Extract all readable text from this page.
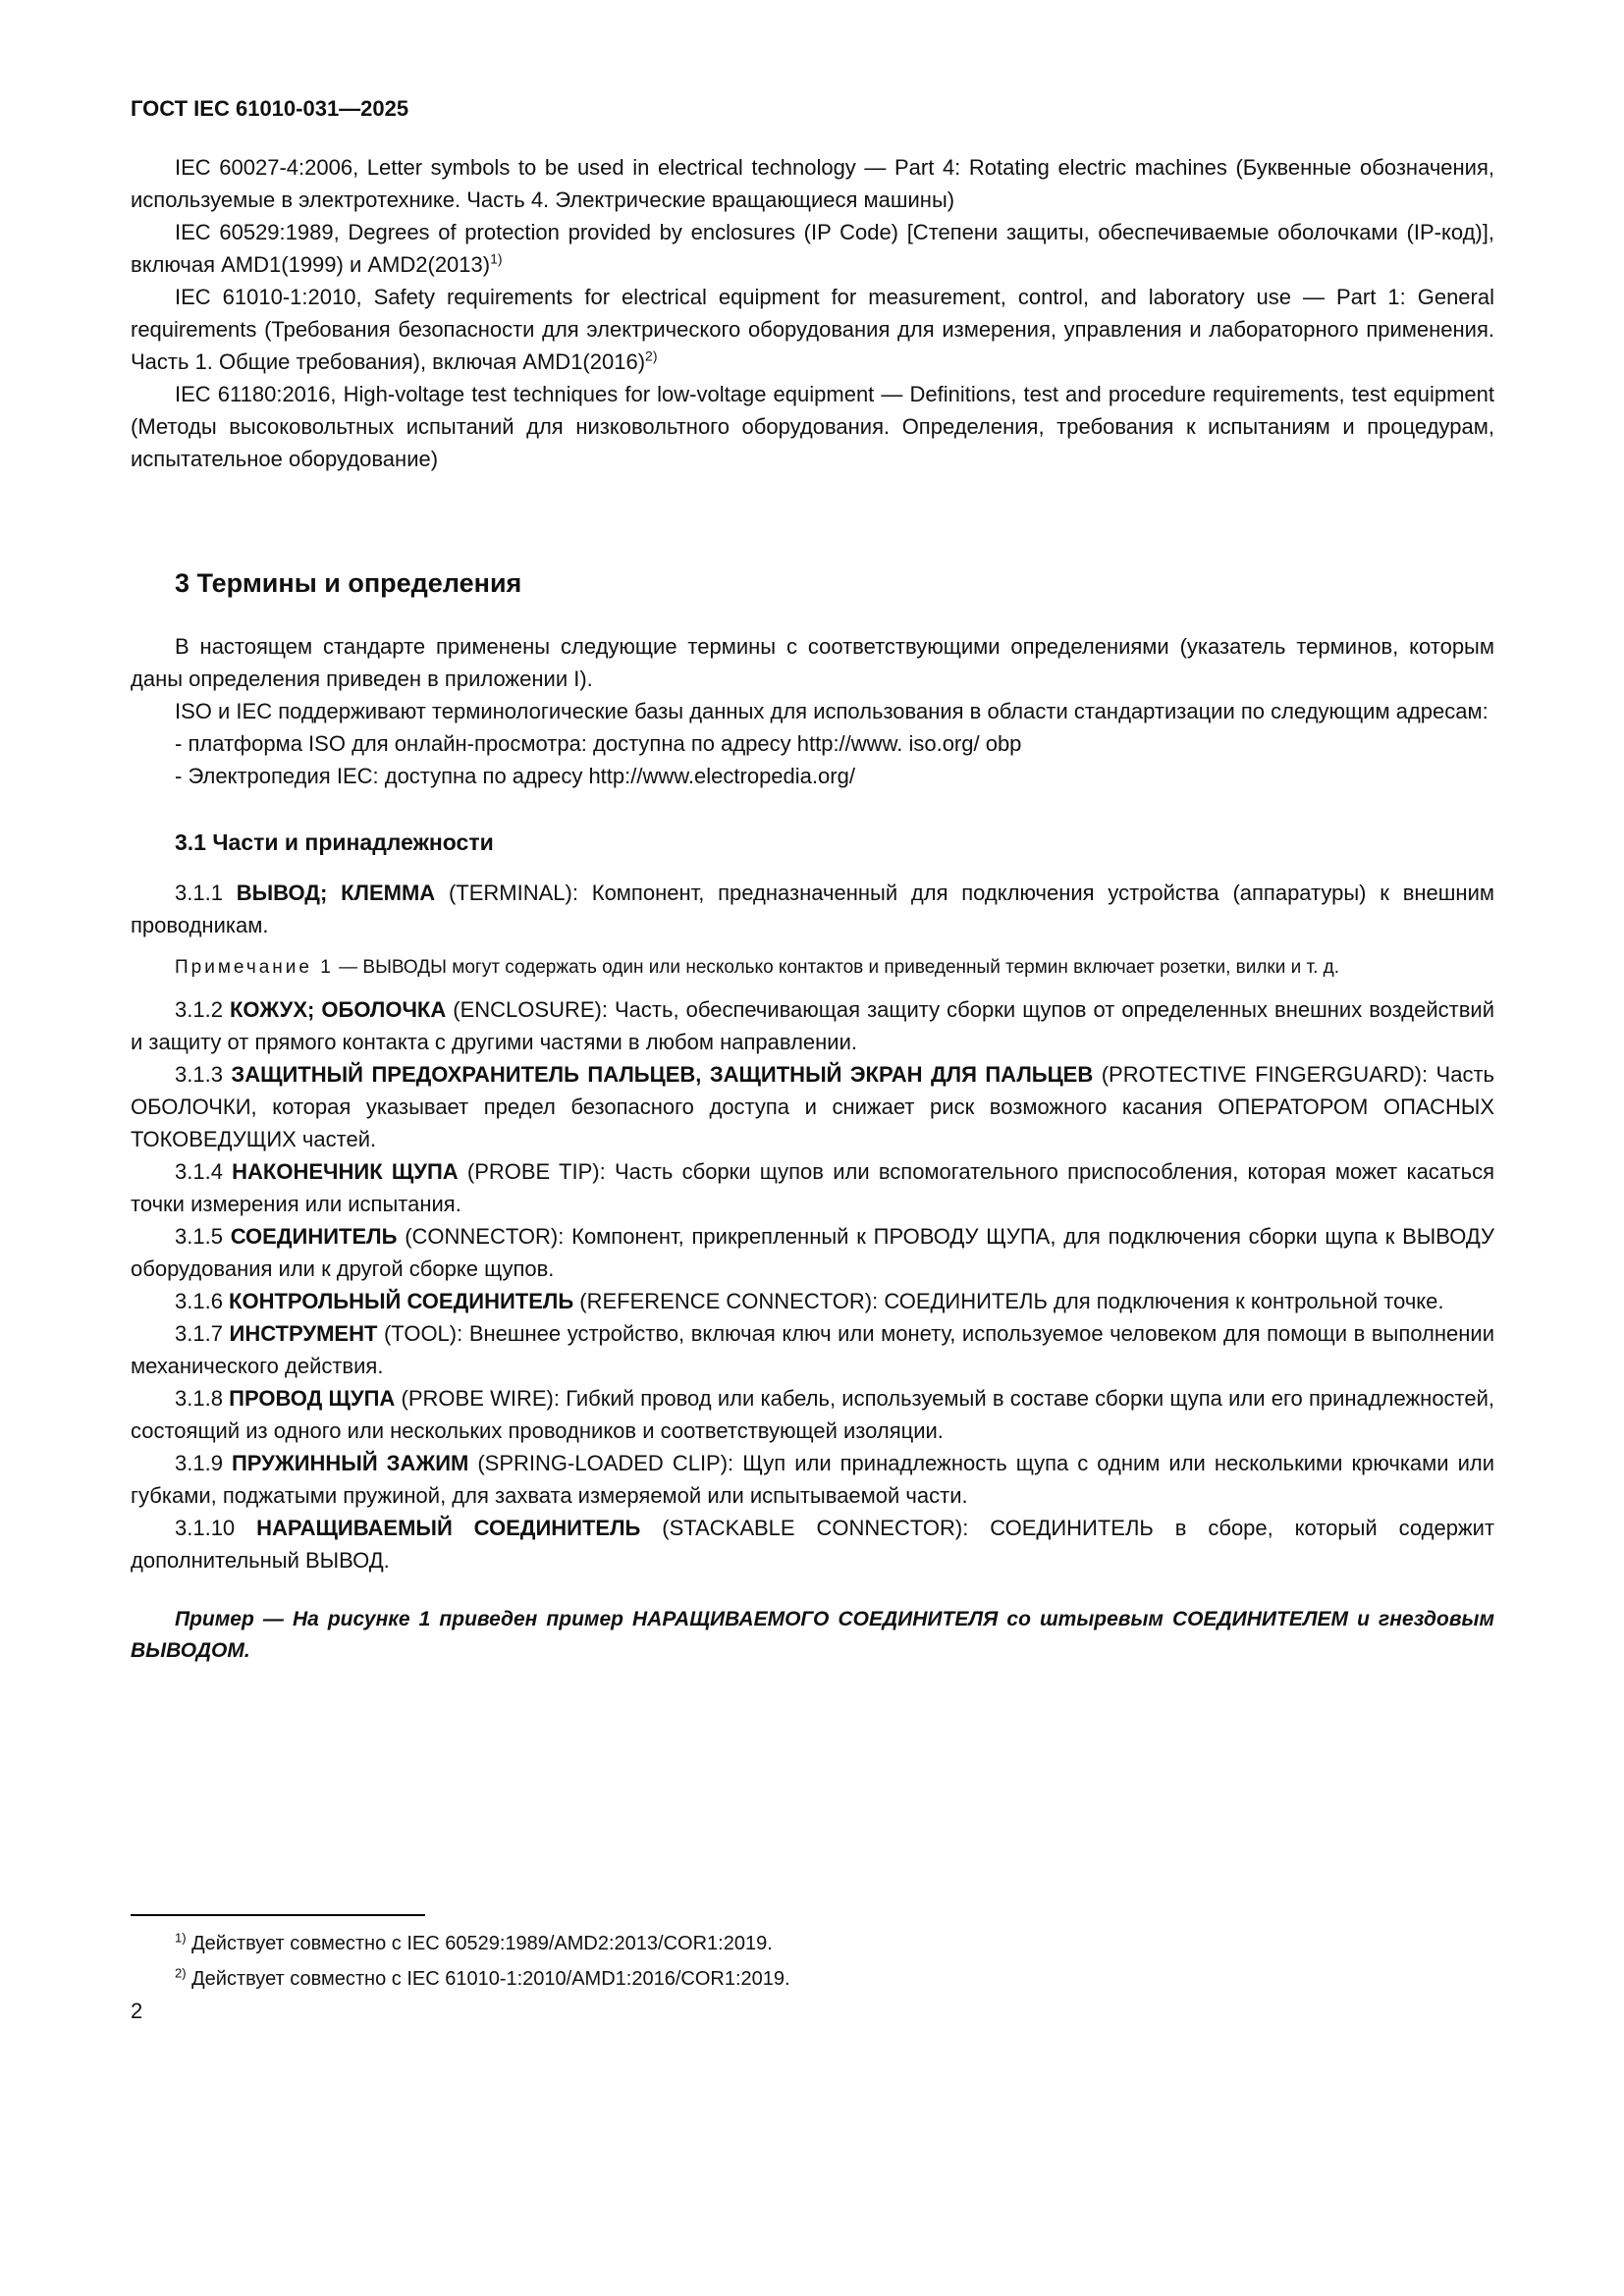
ГОСТ IEC 61010-031—2025

IEC 60027-4:2006, Letter symbols to be used in electrical technology — Part 4: Rotating electric machines (Буквенные обозначения, используемые в электротехнике. Часть 4. Электрические вращающиеся машины)

IEC 60529:1989, Degrees of protection provided by enclosures (IP Code) [Степени защиты, обеспечиваемые оболочками (IP-код)], включая AMD1(1999) и AMD2(2013)$^{1)}$

IEC 61010-1:2010, Safety requirements for electrical equipment for measurement, control, and laboratory use — Part 1: General requirements (Требования безопасности для электрического оборудования для измерения, управления и лабораторного применения. Часть 1. Общие требования), включая AMD1(2016)$^{2)}$

IEC 61180:2016, High-voltage test techniques for low-voltage equipment — Definitions, test and procedure requirements, test equipment (Методы высоковольтных испытаний для низковольтного оборудования. Определения, требования к испытаниям и процедурам, испытательное оборудование)

3 Термины и определения

В настоящем стандарте применены следующие термины с соответствующими определениями (указатель терминов, которым даны определения приведен в приложении I).

ISO и IEC поддерживают терминологические базы данных для использования в области стандартизации по следующим адресам:

- платформа ISO для онлайн-просмотра: доступна по адресу http://www. iso.org/ obp

- Электропедия IEC: доступна по адресу http://www.electropedia.org/

3.1 Части и принадлежности

3.1.1 ВЫВОД; КЛЕММА (TERMINAL): Компонент, предназначенный для подключения устройства (аппаратуры) к внешним проводникам.

Примечание 1 — ВЫВОДЫ могут содержать один или несколько контактов и приведенный термин включает розетки, вилки и т. д.

3.1.2 КОЖУХ; ОБОЛОЧКА (ENCLOSURE): Часть, обеспечивающая защиту сборки щупов от определенных внешних воздействий и защиту от прямого контакта с другими частями в любом направлении.

3.1.3 ЗАЩИТНЫЙ ПРЕДОХРАНИТЕЛЬ ПАЛЬЦЕВ, ЗАЩИТНЫЙ ЭКРАН ДЛЯ ПАЛЬЦЕВ (PROTECTIVE FINGERGUARD): Часть ОБОЛОЧКИ, которая указывает предел безопасного доступа и снижает риск возможного касания ОПЕРАТОРОМ ОПАСНЫХ ТОКОВЕДУЩИХ частей.

3.1.4 НАКОНЕЧНИК ЩУПА (PROBE TIP): Часть сборки щупов или вспомогательного приспособления, которая может касаться точки измерения или испытания.

3.1.5 СОЕДИНИТЕЛЬ (CONNECTOR): Компонент, прикрепленный к ПРОВОДУ ЩУПА, для подключения сборки щупа к ВЫВОДУ оборудования или к другой сборке щупов.

3.1.6 КОНТРОЛЬНЫЙ СОЕДИНИТЕЛЬ (REFERENCE CONNECTOR): СОЕДИНИТЕЛЬ для подключения к контрольной точке.

3.1.7 ИНСТРУМЕНТ (TOOL): Внешнее устройство, включая ключ или монету, используемое человеком для помощи в выполнении механического действия.

3.1.8 ПРОВОД ЩУПА (PROBE WIRE): Гибкий провод или кабель, используемый в составе сборки щупа или его принадлежностей, состоящий из одного или нескольких проводников и соответствующей изоляции.

3.1.9 ПРУЖИННЫЙ ЗАЖИМ (SPRING-LOADED CLIP): Щуп или принадлежность щупа с одним или несколькими крючками или губками, поджатыми пружиной, для захвата измеряемой или испытываемой части.

3.1.10 НАРАЩИВАЕМЫЙ СОЕДИНИТЕЛЬ (STACKABLE CONNECTOR): СОЕДИНИТЕЛЬ в сборе, который содержит дополнительный ВЫВОД.

Пример — На рисунке 1 приведен пример НАРАЩИВАЕМОГО СОЕДИНИТЕЛЯ со штыревым СОЕДИНИТЕЛЕМ и гнездовым ВЫВОДОМ.

$^{1)}$ Действует совместно с IEC 60529:1989/AMD2:2013/COR1:2019.

$^{2)}$ Действует совместно с IEC 61010-1:2010/AMD1:2016/COR1:2019.

2
